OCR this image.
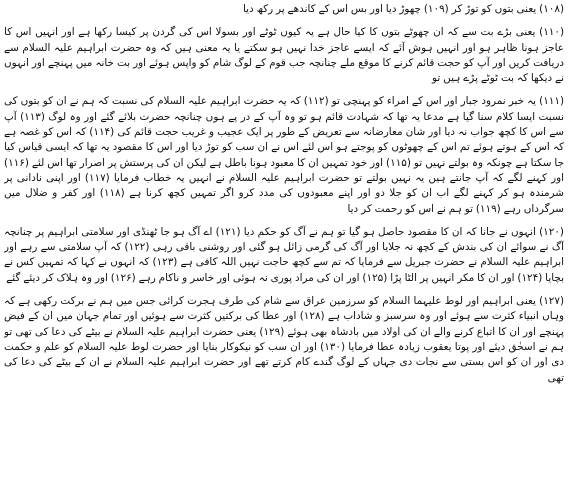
(۱۰۸) یعنی بتوں کو توڑ کر (۱۰۹) چھوڑ دیا اور بس اس کے کاندھے پر رکھ دیا

(۱۱۰) یعنی بڑے بت سے کہ ان چھوٹے بتوں کا کیا حال ہے یہ کیوں ٹوٹے اور بسولا اس کی گردن پر کیسا رکھا ہے اور انہیں اس کا عاجز ہونا ظاہر ہو اور انہیں ہوش آئے کہ ایسے عاجز خدا نہیں ہو سکتے یا یہ معنی ہیں کہ وہ حضرت ابراہیم علیہ السلام سے دریافت کریں اور آپ کو حجت قائم کرنے کا موقع ملے چنانچہ جب قوم کے لوگ شام کو واپس ہوئے اور بت خانہ میں پہنچے اور انہوں نے دیکھا کہ بت ٹوٹے پڑے ہیں تو

(۱۱۱) یہ خبر نمرود جبار اور اس کے امراء کو پہنچی تو (۱۱۲) کہ یہ حضرت ابراہیم علیہ السلام کی نسبت کہ ہم نے ان کو بتوں کی نسبت ایسا کلام سنا گیا ہے مدعا یہ تھا کہ شہادت قائم ہو تو وہ آپ کے در پے ہوں چنانچہ حضرت بلائے گئے اور وہ لوگ (۱۱۳) آپ سے اس کا کچھ جواب نہ دیا اور شان معارضانہ سے تعریض کے طور پر ایک عجیب و غریب حجت قائم کی (۱۱۴) کہ اس کو غصہ ہے کہ اس کے ہوتے ہوئے تم اس کے چھوٹوں کو پوجتے ہو اس لئے اس نے ان سب کو توڑ دیا اور اس کا مقصود یہ تھا کہ ایسی قیاس کیا جا سکتا ہے چونکہ وہ بولتے نہیں تو (۱۱۵) اور خود تمہیں ان کا معبود ہونا باطل ہے لیکن ان کی پرستش پر اصرار تھا اس لئے (۱۱۶) اور کہنے لگے کہ آپ جانتے ہیں یہ نہیں بولتے تو حضرت ابراہیم علیہ السلام نے انہیں یہ خطاب فرمایا (۱۱۷) اور اپنی نادانی پر شرمندہ ہو کر کہنے لگے اب ان کو جلا دو اور اپنے معبودوں کی مدد کرو اگر تمہیں کچھ کرنا ہے (۱۱۸) اور کفر و ضلال میں سرگرداں رہے (۱۱۹) تو ہم نے اس کو رحمت کر دیا

(۱۲۰) انہوں نے جانا کہ ان کا مقصود حاصل ہو گیا تو ہم نے آگ کو حکم دیا (۱۲۱) اے آگ ہو جا ٹھنڈی اور سلامتی ابراہیم پر چنانچہ آگ نے سوائے ان کی بندش کے کچھ نہ جلایا اور آگ کی گرمی زائل ہو گئی اور روشنی باقی رہی (۱۲۲) کہ آپ سلامتی سے رہے اور ابراہیم علیہ السلام نے حضرت جبریل سے فرمایا کہ تم سے کچھ حاجت نہیں اللہ کافی ہے (۱۲۳) کہ انہوں نے کہا کہ تمہیں کس نے بچایا (۱۲۴) اور ان کا مکر انہیں پر الٹا پڑا (۱۲۵) اور ان کی مراد پوری نہ ہوئی اور خاسر و ناکام رہے (۱۲۶) اور وہ ہلاک کر دیئے گئے

(۱۲۷) یعنی ابراہیم اور لوط علیہما السلام کو سرزمین عراق سے شام کی طرف ہجرت کرائی جس میں ہم نے برکت رکھی ہے کہ وہاں انبیاء کثرت سے ہوئے اور وہ سرسبز و شاداب ہے (۱۲۸) اور عطا کی برکتیں کثرت سے ہوئیں اور تمام جہان میں ان کے فیض پہنچے اور ان کا اتباع کرنے والے ان کی اولاد میں بادشاہ بھی ہوئے (۱۲۹) یعنی حضرت ابراہیم علیہ السلام نے بیٹے کی دعا کی تھی تو ہم نے اسحٰق دیئے اور پوتا یعقوب زیادہ عطا فرمایا (۱۳۰) اور ان سب کو نیکوکار بنایا اور حضرت لوط علیہ السلام کو علم و حکمت دی اور ان کو اس بستی سے نجات دی جہاں کے لوگ گندے کام کرتے تھے اور حضرت ابراہیم علیہ السلام نے ان کے بیٹے کی دعا کی تھی
